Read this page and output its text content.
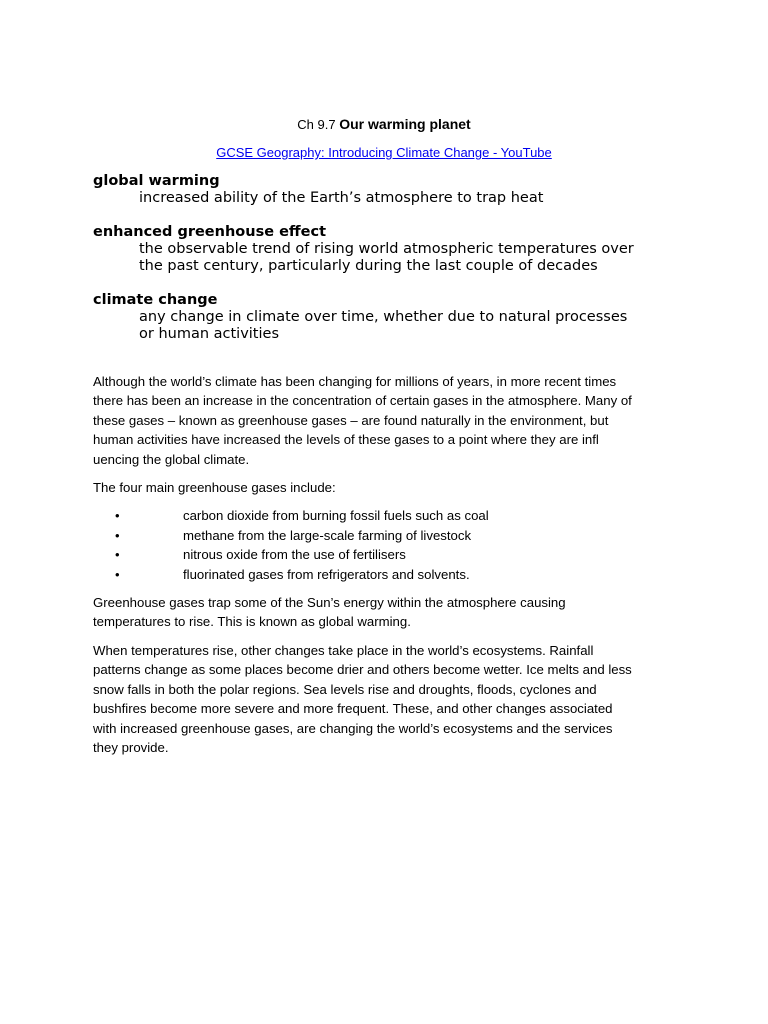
Ch 9.7 Our warming planet
GCSE Geography: Introducing Climate Change - YouTube
global warming
increased ability of the Earth’s atmosphere to trap heat
enhanced greenhouse effect
the observable trend of rising world atmospheric temperatures over
the past century, particularly during the last couple of decades
climate change
any change in climate over time, whether due to natural processes
or human activities

Although the world’s climate has been changing for millions of years, in more recent times
there has been an increase in the concentration of certain gases in the atmosphere. Many of
these gases – known as greenhouse gases – are found naturally in the environment, but
human activities have increased the levels of these gases to a point where they are infl
uencing the global climate.

The four main greenhouse gases include:

•	carbon dioxide from burning fossil fuels such as coal
•	methane from the large-scale farming of livestock
•	nitrous oxide from the use of fertilisers
•	fluorinated gases from refrigerators and solvents.

Greenhouse gases trap some of the Sun’s energy within the atmosphere causing
temperatures to rise. This is known as global warming.

When temperatures rise, other changes take place in the world’s ecosystems. Rainfall
patterns change as some places become drier and others become wetter. Ice melts and less
snow falls in both the polar regions. Sea levels rise and droughts, floods, cyclones and
bushfires become more severe and more frequent. These, and other changes associated
with increased greenhouse gases, are changing the world’s ecosystems and the services
they provide.
